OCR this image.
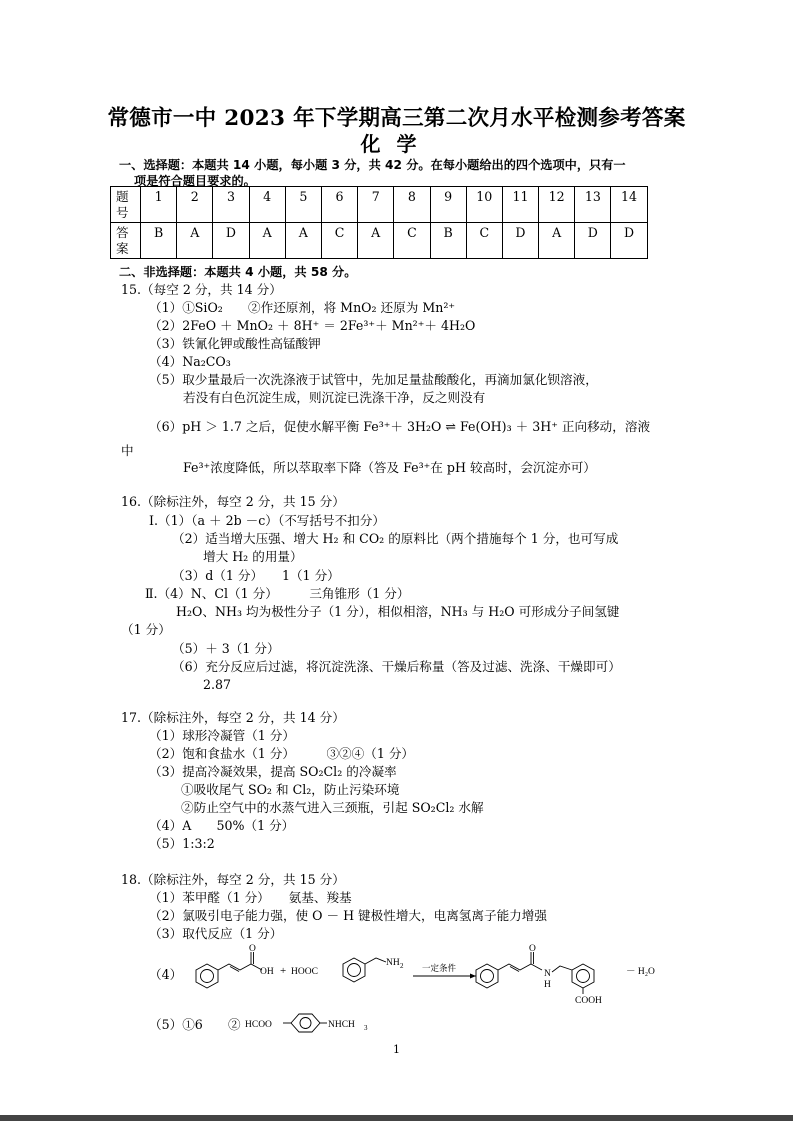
常德市一中 2023 年下学期高三第二次月水平检测参考答案
化学
一、选择题：本题共 14 小题，每小题 3 分，共 42 分。在每小题给出的四个选项中，只有一
项是符合题目要求的。
题号	1	2	3	4	5	6	7	8	9	10	11	12	13	14
答案	B	A	D	A	A	C	A	C	B	C	D	A	D	D
二、非选择题：本题共 4 小题，共 58 分。
15.（每空 2 分，共 14 分）
（1）①SiO₂　　②作还原剂，将 MnO₂ 还原为 Mn²⁺
（2）2FeO ＋ MnO₂ ＋ 8H⁺ ＝ 2Fe³⁺＋ Mn²⁺＋ 4H₂O
（3）铁氰化钾或酸性高锰酸钾
（4）Na₂CO₃
（5）取少量最后一次洗涤液于试管中，先加足量盐酸酸化，再滴加氯化钡溶液，
若没有白色沉淀生成，则沉淀已洗涤干净，反之则没有
（6）pH ＞ 1.7 之后，促使水解平衡 Fe³⁺＋ 3H₂O ⇌ Fe(OH)₃ ＋ 3H⁺ 正向移动，溶液
中
Fe³⁺浓度降低，所以萃取率下降（答及 Fe³⁺在 pH 较高时，会沉淀亦可）
16.（除标注外，每空 2 分，共 15 分）
Ⅰ.（1）（a ＋ 2b －c）（不写括号不扣分）
（2）适当增大压强、增大 H₂ 和 CO₂ 的原料比（两个措施每个 1 分，也可写成
增大 H₂ 的用量）
（3）d（1 分）　　1（1 分）
Ⅱ.（4）N、Cl（1 分）　　　三角锥形（1 分）
H₂O、NH₃ 均为极性分子（1 分），相似相溶，NH₃ 与 H₂O 可形成分子间氢键
（1 分）
（5）＋ 3（1 分）
（6）充分反应后过滤，将沉淀洗涤、干燥后称量（答及过滤、洗涤、干燥即可）
2.87
17.（除标注外，每空 2 分，共 14 分）
（1）球形冷凝管（1 分）
（2）饱和食盐水（1 分）　　　③②④（1 分）
（3）提高冷凝效果，提高 SO₂Cl₂ 的冷凝率
①吸收尾气 SO₂ 和 Cl₂，防止污染环境
②防止空气中的水蒸气进入三颈瓶，引起 SO₂Cl₂ 水解
（4）A　　50%（1 分）
（5）1:3:2
18.（除标注外，每空 2 分，共 15 分）
（1）苯甲醛（1 分）　　氨基、羧基
（2）氯吸引电子能力强，使 O － H 键极性增大，电离氢离子能力增强
（3）取代反应（1 分）
（4）
（5）①6　　②
O
OH + HOOC
NH 2 一定条件
O
N
H
COOH
－ H₂O
HCOO	NHCH 3
1
